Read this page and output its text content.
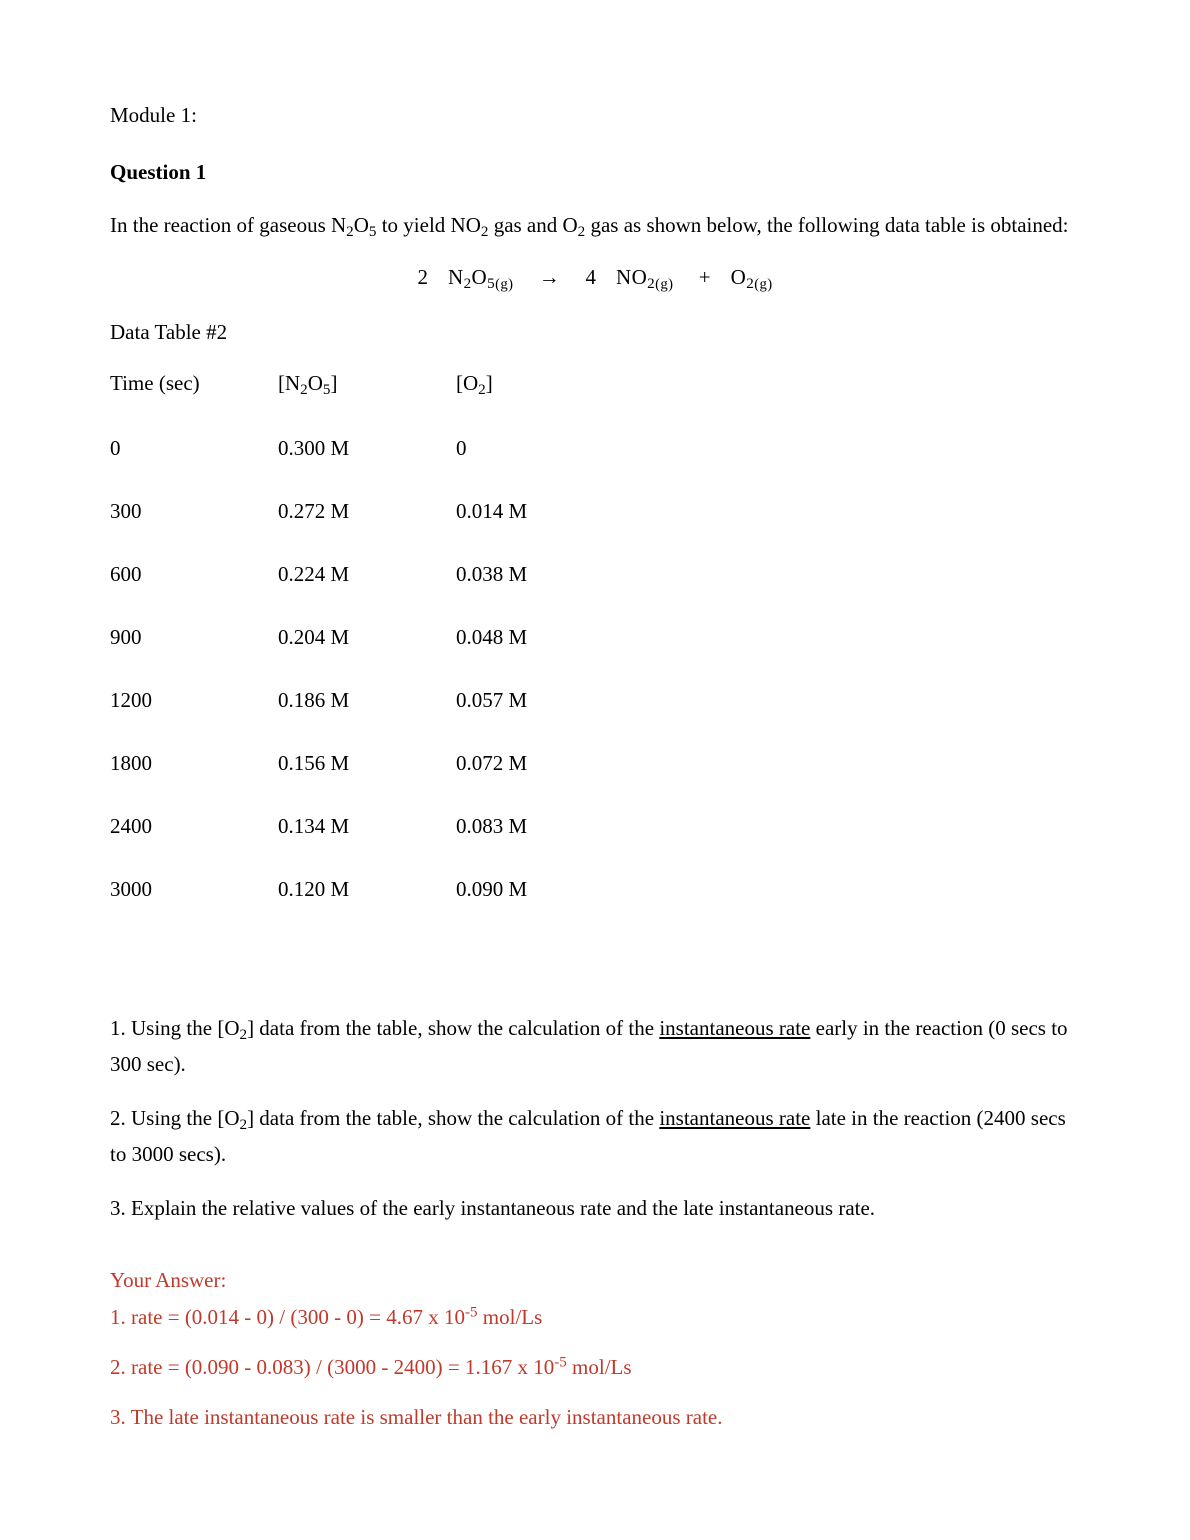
Module 1:

Question 1

In the reaction of gaseous $N_2O_5$ to yield $NO_2$ gas and $O_2$ gas as shown below, the following data table is obtained:

2 $N_2O_{5(g)} \to 4$ $NO_{2(g)} + O_{2(g)}$

Data Table #2

Time (sec)	$[N_2O_5]$	$[O_2]$
0	0.300 M	0
300	0.272 M	0.014 M
600	0.224 M	0.038 M
900	0.204 M	0.048 M
1200	0.186 M	0.057 M
1800	0.156 M	0.072 M
2400	0.134 M	0.083 M
3000	0.120 M	0.090 M

1. Using the $[O_2]$ data from the table, show the calculation of the instantaneous rate early in the reaction (0 secs to 300 sec).

2. Using the $[O_2]$ data from the table, show the calculation of the instantaneous rate late in the reaction (2400 secs to 3000 secs).

3. Explain the relative values of the early instantaneous rate and the late instantaneous rate.

Your Answer:

1. rate = (0.014 - 0) / (300 - 0) = 4.67 x $10^{-5}$ mol/Ls

2. rate = (0.090 - 0.083) / (3000 - 2400) = 1.167 x $10^{-5}$ mol/Ls

3. The late instantaneous rate is smaller than the early instantaneous rate.
